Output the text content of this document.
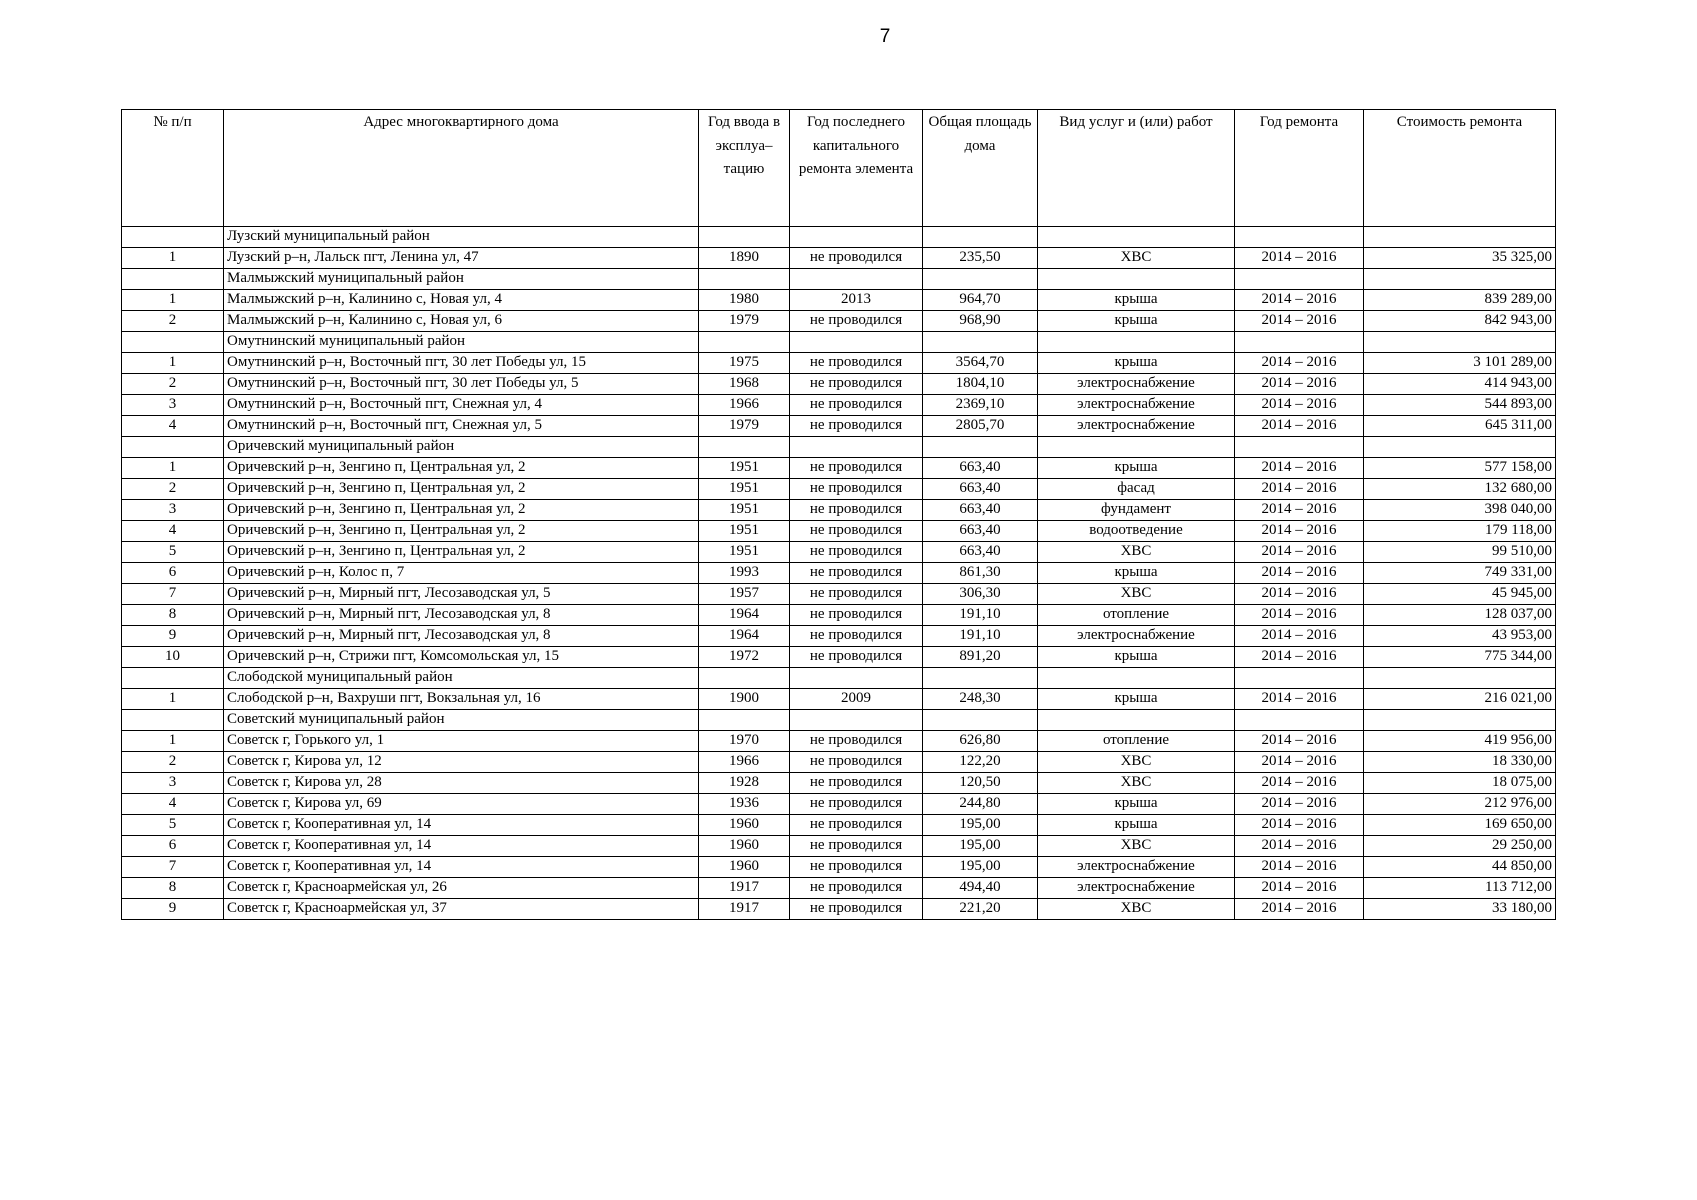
7
№ п/п	Адрес многоквартирного дома	Год ввода в эксплуа–тацию	Год последнего капитального ремонта элемента	Общая площадь дома	Вид услуг и (или) работ	Год ремонта	Стоимость ремонта
	Лузский муниципальный район						
1	Лузский р–н, Лальск пгт, Ленина ул, 47	1890	не проводился	235,50	ХВС	2014 – 2016	35 325,00
	Малмыжский муниципальный район						
1	Малмыжский р–н, Калинино с, Новая ул, 4	1980	2013	964,70	крыша	2014 – 2016	839 289,00
2	Малмыжский р–н, Калинино с, Новая ул, 6	1979	не проводился	968,90	крыша	2014 – 2016	842 943,00
	Омутнинский муниципальный район						
1	Омутнинский р–н, Восточный пгт, 30 лет Победы ул, 15	1975	не проводился	3564,70	крыша	2014 – 2016	3 101 289,00
2	Омутнинский р–н, Восточный пгт, 30 лет Победы ул, 5	1968	не проводился	1804,10	электроснабжение	2014 – 2016	414 943,00
3	Омутнинский р–н, Восточный пгт, Снежная ул, 4	1966	не проводился	2369,10	электроснабжение	2014 – 2016	544 893,00
4	Омутнинский р–н, Восточный пгт, Снежная ул, 5	1979	не проводился	2805,70	электроснабжение	2014 – 2016	645 311,00
	Оричевский муниципальный район						
1	Оричевский р–н, Зенгино п, Центральная ул, 2	1951	не проводился	663,40	крыша	2014 – 2016	577 158,00
2	Оричевский р–н, Зенгино п, Центральная ул, 2	1951	не проводился	663,40	фасад	2014 – 2016	132 680,00
3	Оричевский р–н, Зенгино п, Центральная ул, 2	1951	не проводился	663,40	фундамент	2014 – 2016	398 040,00
4	Оричевский р–н, Зенгино п, Центральная ул, 2	1951	не проводился	663,40	водоотведение	2014 – 2016	179 118,00
5	Оричевский р–н, Зенгино п, Центральная ул, 2	1951	не проводился	663,40	ХВС	2014 – 2016	99 510,00
6	Оричевский р–н, Колос п, 7	1993	не проводился	861,30	крыша	2014 – 2016	749 331,00
7	Оричевский р–н, Мирный пгт, Лесозаводская ул, 5	1957	не проводился	306,30	ХВС	2014 – 2016	45 945,00
8	Оричевский р–н, Мирный пгт, Лесозаводская ул, 8	1964	не проводился	191,10	отопление	2014 – 2016	128 037,00
9	Оричевский р–н, Мирный пгт, Лесозаводская ул, 8	1964	не проводился	191,10	электроснабжение	2014 – 2016	43 953,00
10	Оричевский р–н, Стрижи пгт, Комсомольская ул, 15	1972	не проводился	891,20	крыша	2014 – 2016	775 344,00
	Слободской муниципальный район						
1	Слободской р–н, Вахруши пгт, Вокзальная ул, 16	1900	2009	248,30	крыша	2014 – 2016	216 021,00
	Советский муниципальный район						
1	Советск г, Горького ул, 1	1970	не проводился	626,80	отопление	2014 – 2016	419 956,00
2	Советск г, Кирова ул, 12	1966	не проводился	122,20	ХВС	2014 – 2016	18 330,00
3	Советск г, Кирова ул, 28	1928	не проводился	120,50	ХВС	2014 – 2016	18 075,00
4	Советск г, Кирова ул, 69	1936	не проводился	244,80	крыша	2014 – 2016	212 976,00
5	Советск г, Кооперативная ул, 14	1960	не проводился	195,00	крыша	2014 – 2016	169 650,00
6	Советск г, Кооперативная ул, 14	1960	не проводился	195,00	ХВС	2014 – 2016	29 250,00
7	Советск г, Кооперативная ул, 14	1960	не проводился	195,00	электроснабжение	2014 – 2016	44 850,00
8	Советск г, Красноармейская ул, 26	1917	не проводился	494,40	электроснабжение	2014 – 2016	113 712,00
9	Советск г, Красноармейская ул, 37	1917	не проводился	221,20	ХВС	2014 – 2016	33 180,00
